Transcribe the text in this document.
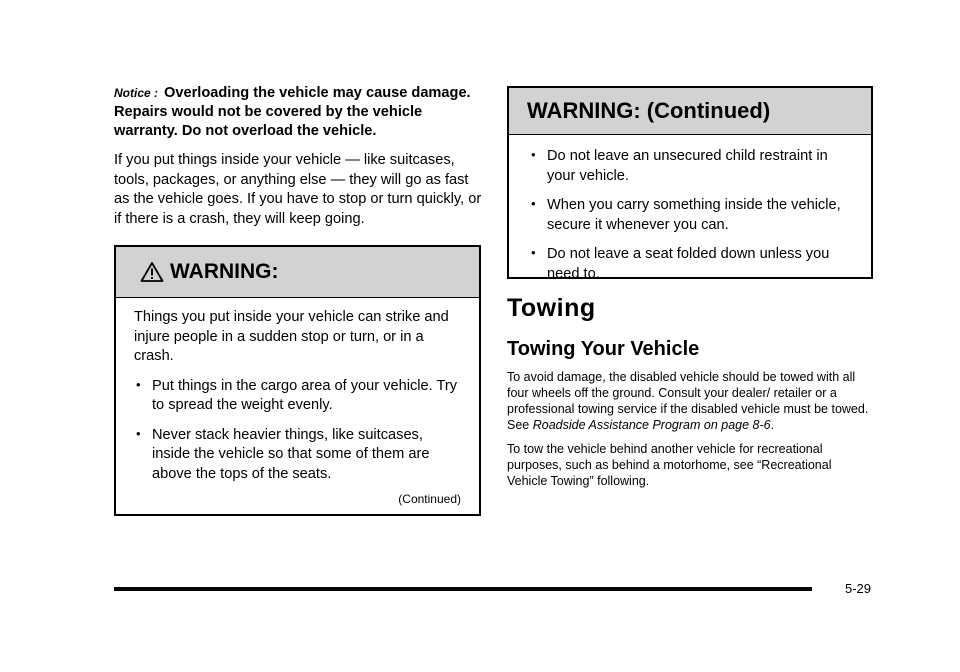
Notice : Overloading the vehicle may cause damage. Repairs would not be covered by the vehicle warranty. Do not overload the vehicle.

If you put things inside your vehicle — like suitcases, tools, packages, or anything else — they will go as fast as the vehicle goes. If you have to stop or turn quickly, or if there is a crash, they will keep going.

WARNING:
Things you put inside your vehicle can strike and injure people in a sudden stop or turn, or in a crash.
• Put things in the cargo area of your vehicle. Try to spread the weight evenly.
• Never stack heavier things, like suitcases, inside the vehicle so that some of them are above the tops of the seats.
(Continued)
WARNING: (Continued)
• Do not leave an unsecured child restraint in your vehicle.
• When you carry something inside the vehicle, secure it whenever you can.
• Do not leave a seat folded down unless you need to.
Towing
Towing Your Vehicle

To avoid damage, the disabled vehicle should be towed with all four wheels off the ground. Consult your dealer/ retailer or a professional towing service if the disabled vehicle must be towed. See Roadside Assistance Program on page 8-6.

To tow the vehicle behind another vehicle for recreational purposes, such as behind a motorhome, see “Recreational Vehicle Towing” following.

5-29
